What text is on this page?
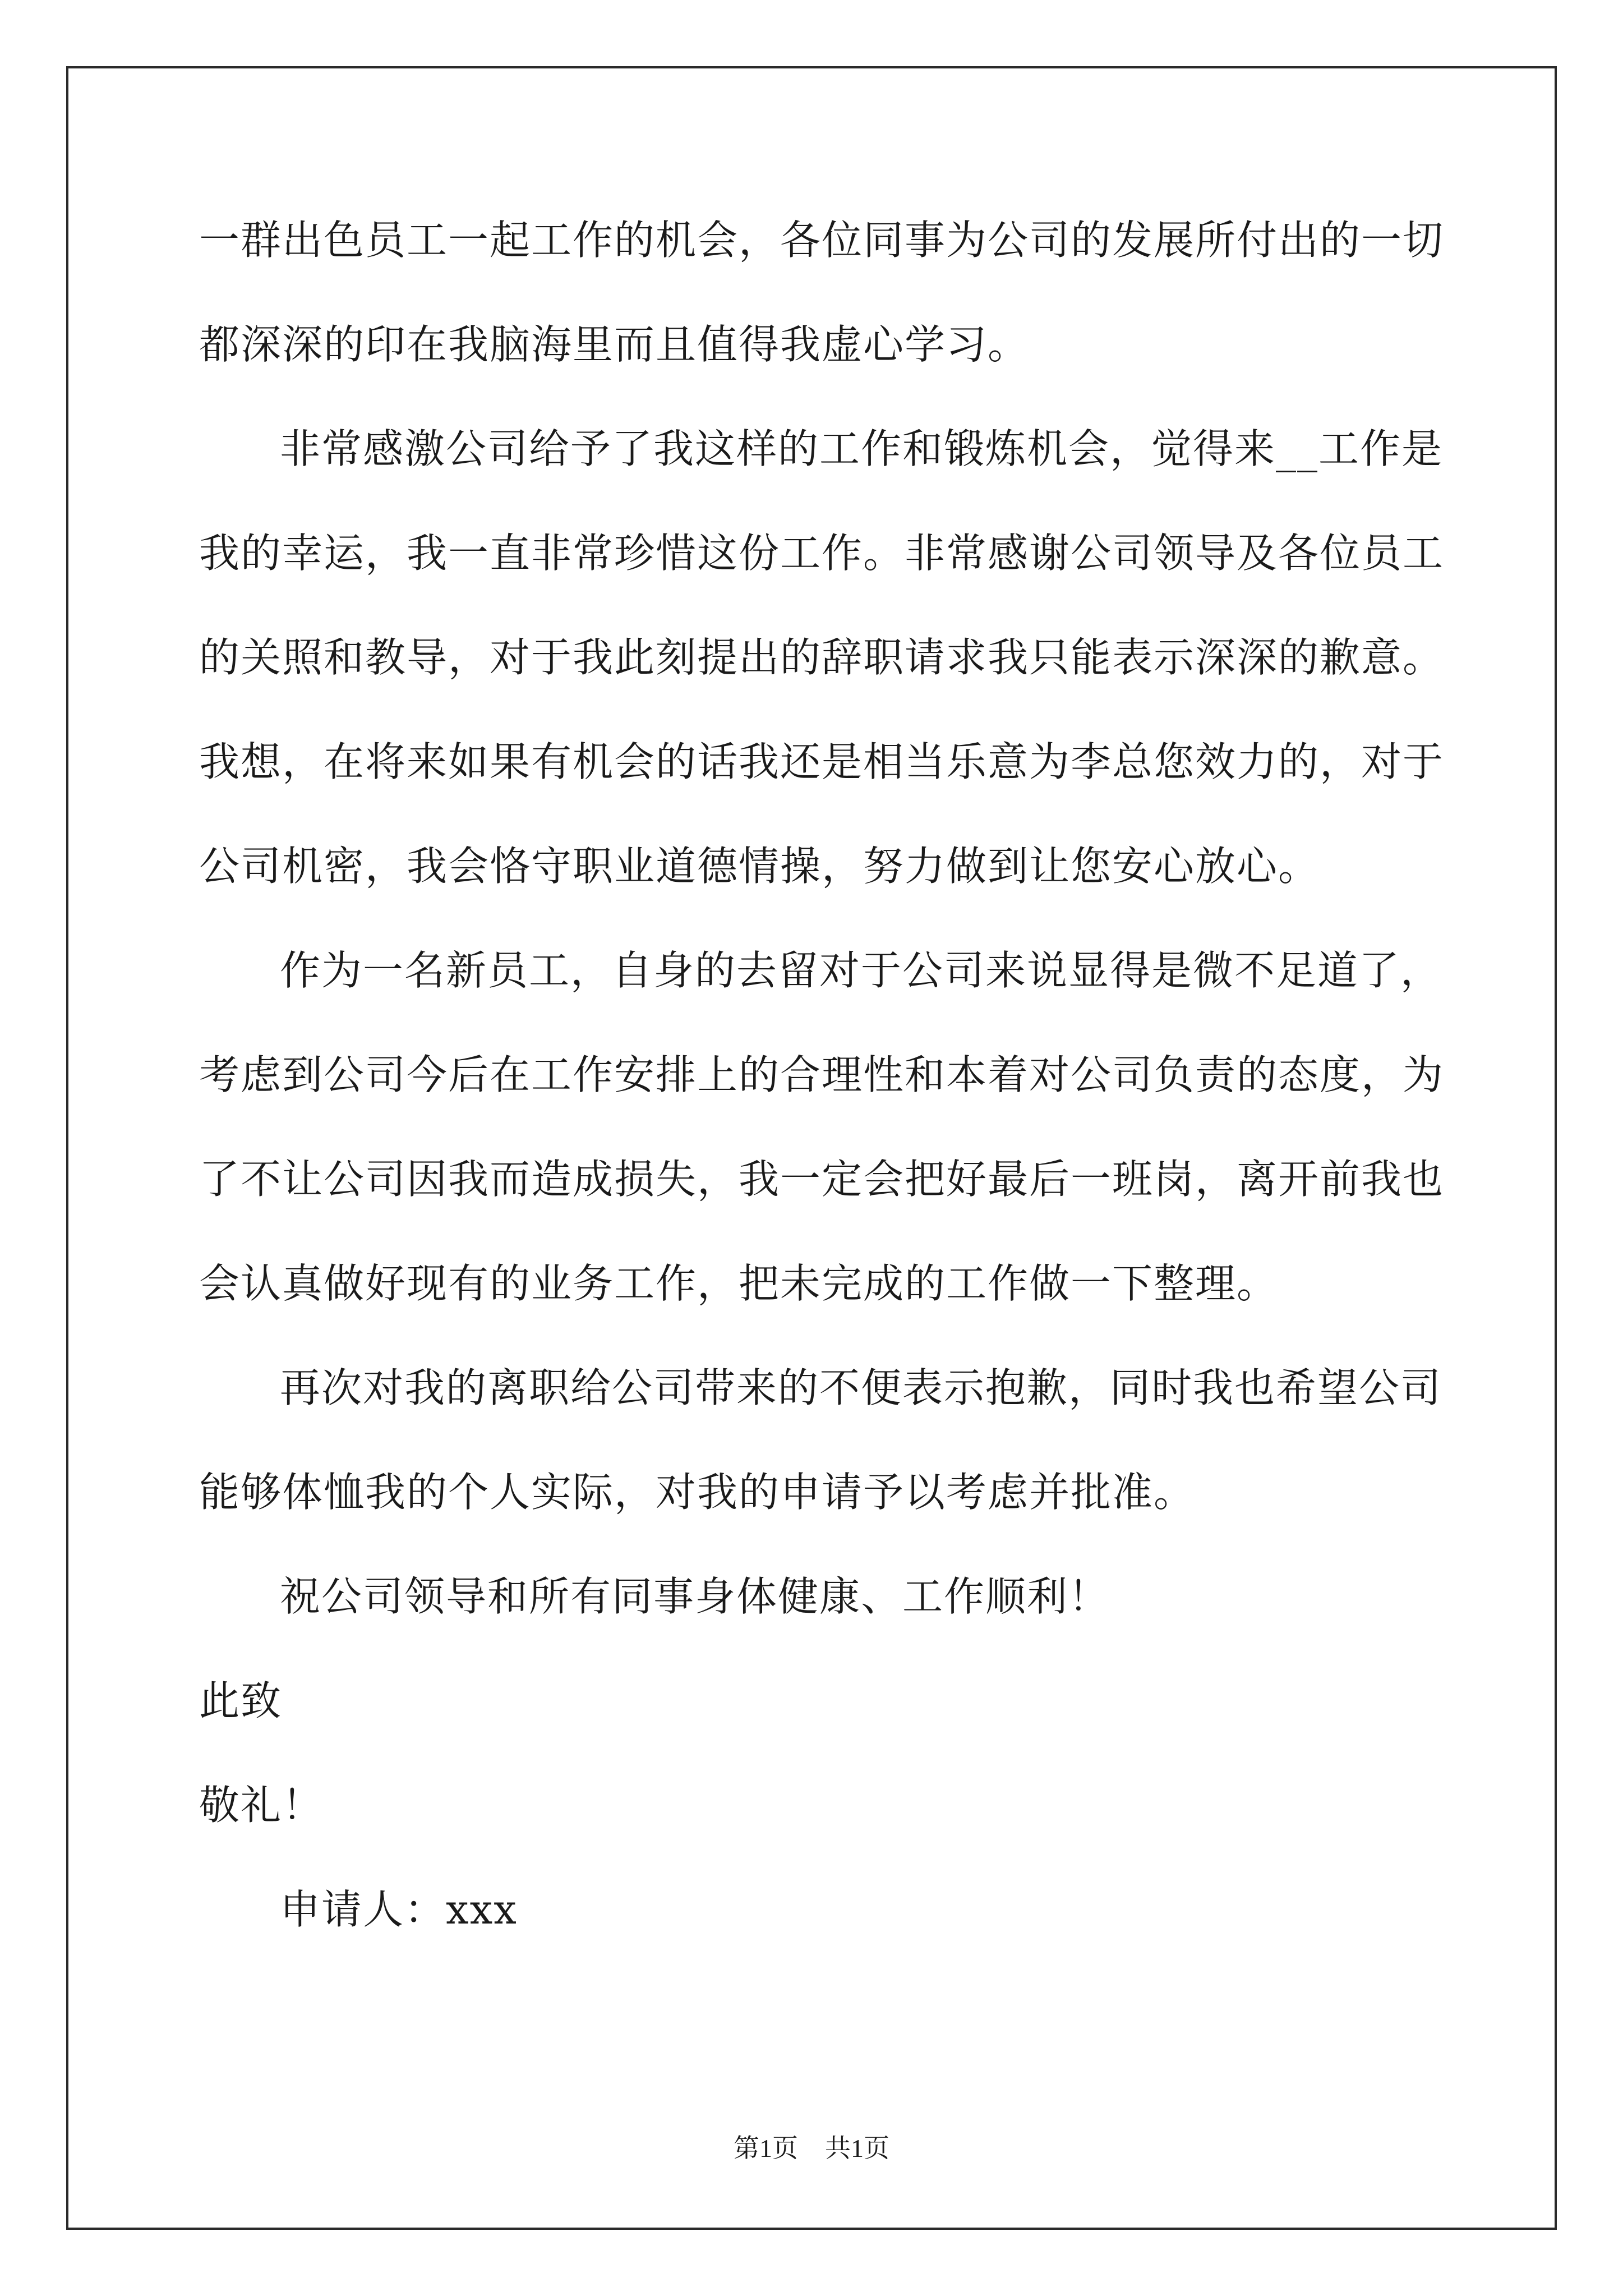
一群出色员工一起工作的机会，各位同事为公司的发展所付出的一切
都深深的印在我脑海里而且值得我虚心学习。
非常感激公司给予了我这样的工作和锻炼机会，觉得来__工作是
我的幸运，我一直非常珍惜这份工作。非常感谢公司领导及各位员工
的关照和教导，对于我此刻提出的辞职请求我只能表示深深的歉意。
我想，在将来如果有机会的话我还是相当乐意为李总您效力的，对于
公司机密，我会恪守职业道德情操，努力做到让您安心放心。
作为一名新员工，自身的去留对于公司来说显得是微不足道了，
考虑到公司今后在工作安排上的合理性和本着对公司负责的态度，为
了不让公司因我而造成损失，我一定会把好最后一班岗，离开前我也
会认真做好现有的业务工作，把未完成的工作做一下整理。
再次对我的离职给公司带来的不便表示抱歉，同时我也希望公司
能够体恤我的个人实际，对我的申请予以考虑并批准。
祝公司领导和所有同事身体健康、工作顺利！
此致
敬礼！
申请人：xxx
第1页 共1页
